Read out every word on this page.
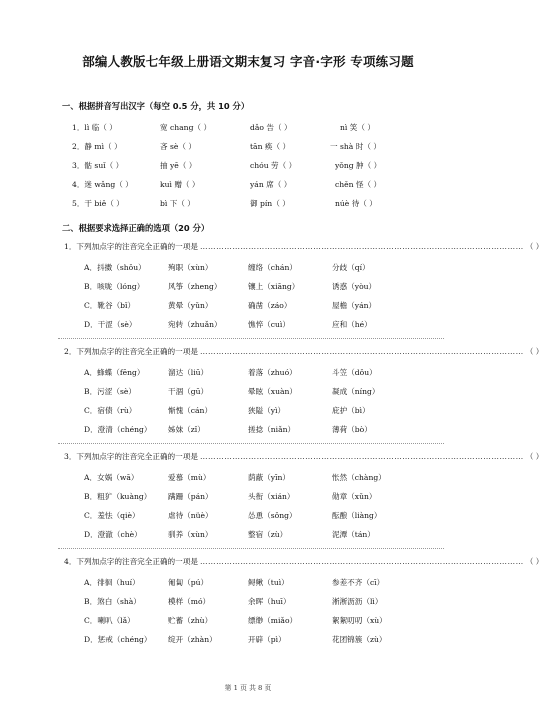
部编人教版七年级上册语文期末复习 字音·字形 专项练习题
一、根据拼音写出汉字（每空 0.5 分，共 10 分）
1．lì 临（ ）	宽 chang（ ）	dǎo 告（ ）	nì 笑（ ）
2．静 mì（ ）	吝 sè（ ）	tān 痪（ ）	一 shà 时（ ）
3．骷 suǐ（ ）	抽 yē（ ）	chóu 劳（ ）	yǒng 肿（ ）
4．迷 wǎng（ ）	kuì 赠（ ）	yán 席（ ）	chěn 怪（ ）
5．干 biě（ ）	bì 下（ ）	御 pín（ ）	núè 待（ ）
二、根据要求选择正确的选项（20 分）
1．下列加点字的注音完全正确的一项是 ………………………………………………………………………………………………………… （ ）
A．抖擞（shǒu）	殉职（xùn）	缠络（chán）	分歧（qí）
B．咳咙（lóng）	风筝（zheng）	镶上（xiāng）	诱惑（yòu）
C．靴谷（bǐ）	黄晕（yǔn）	确凿（záo）	屋檐（yán）
D．干涩（sè）	宛转（zhuǎn）	憔悴（cuì）	应和（hé）
2．下列加点字的注音完全正确的一项是 ………………………………………………………………………………………………………… （ ）
A．蜂蝶（fēng）	溜达（liū）	着落（zhuó）	斗笠（dǒu）
B．污涩（sè）	干涸（gū）	晕眩（xuàn）	凝成（níng）
C．宿债（rù）	惭愧（cán）	狭隘（yì）	庇护（bì）
D．澄清（chéng） 姊妹（zǐ）	搓捻（niǎn）	薄荷（bò）
3．下列加点字的注音完全正确的一项是 ………………………………………………………………………………………………………… （ ）
A．女娲（wā）	爱慕（mù）	荫蔽（yīn）	怅然（chàng）
B．粗犷（kuàng） 蹒跚（pán）	头衔（xián）	勋章（xǔn）
C．羞怯（qiè）	虐待（nüè）	怂恿（sǒng）	酝酿（liàng）
D．澄澈（chè）	驯养（xùn）	整宿（zù）	泥潭（tán）
4．下列加点字的注音完全正确的一项是 ………………………………………………………………………………………………………… （ ）
A．徘徊（huí）	匍匐（pú）	鲟鳅（tuì）	参差不齐（cī）
B．煞白（shà）	模样（mó）	余晖（huī）	淅淅沥沥（lì）
C．喇叭（lǎ）	贮蓄（zhù）	缥缈（miǎo）	絮絮叨叨（xù）
D．惩戒（chéng） 绽开（zhàn）	开辟（pì）	花团锦簇（zù）
第 1 页 共 8 页
